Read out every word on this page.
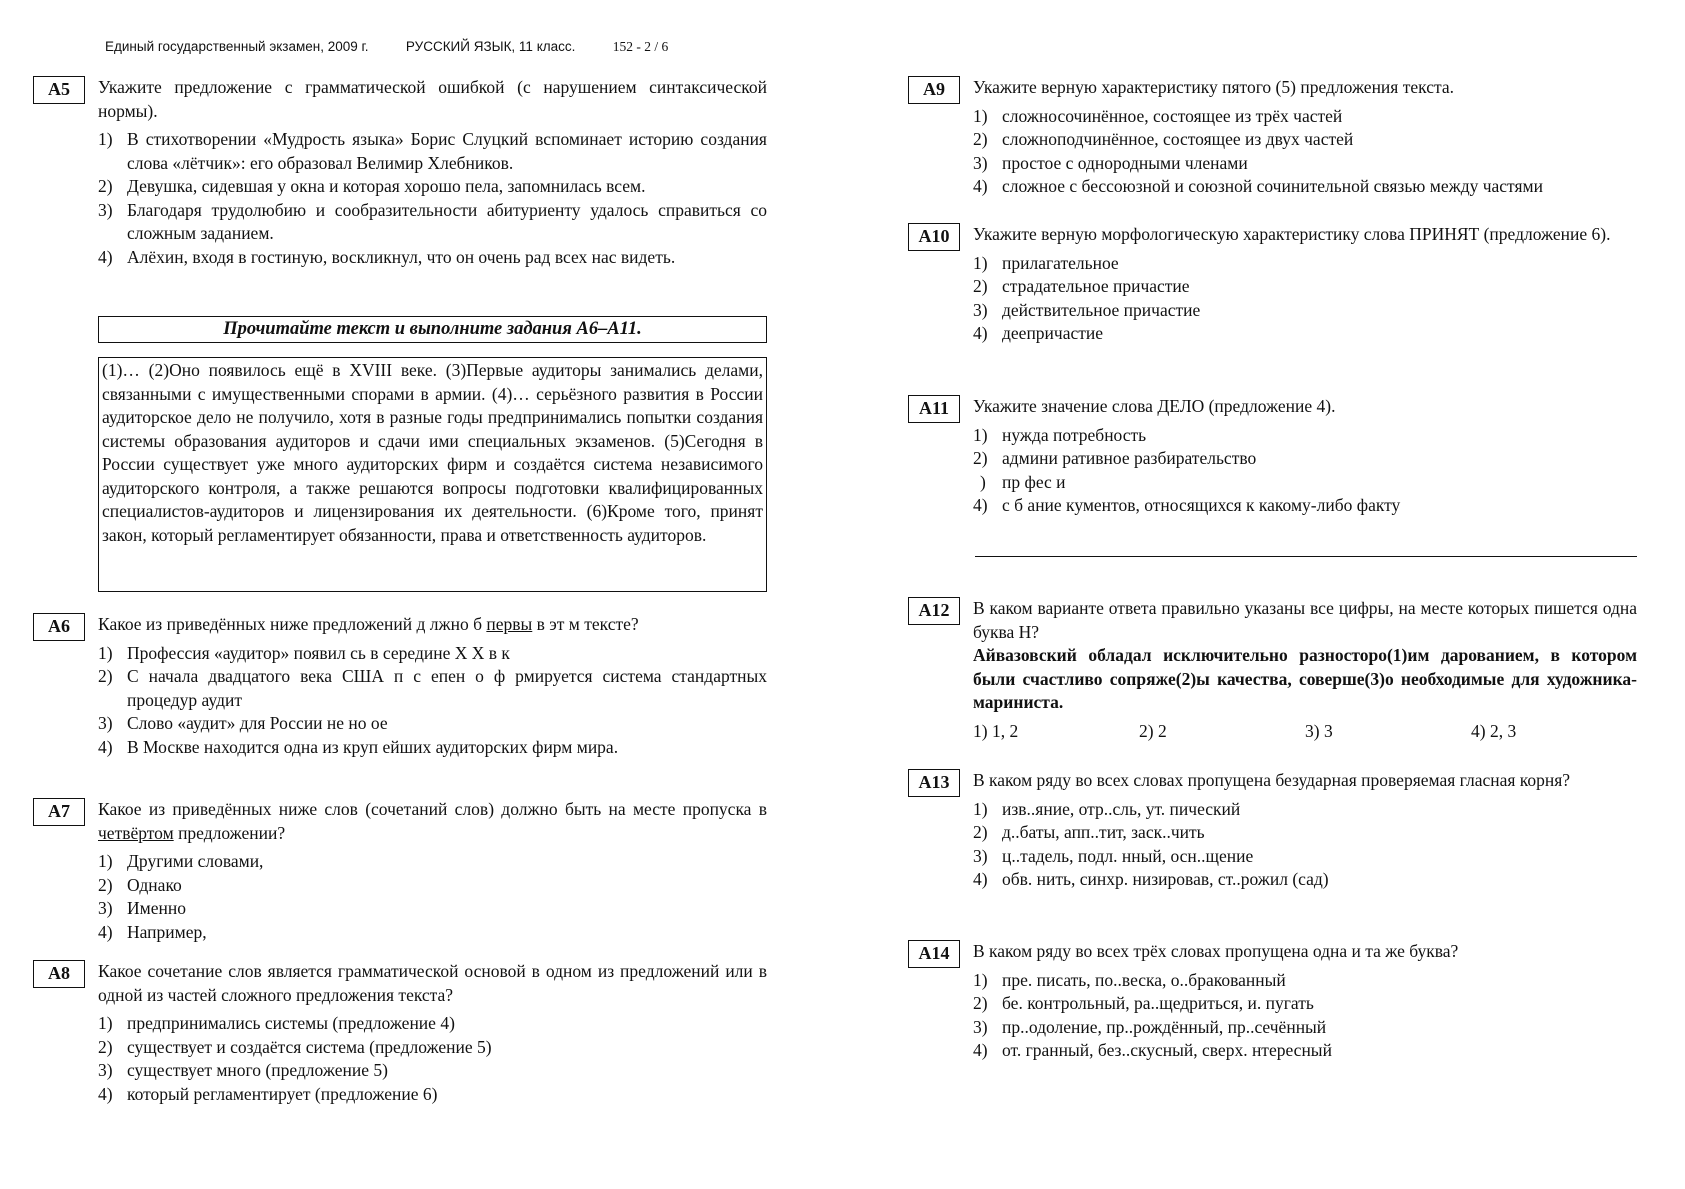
Единый государственный экзамен, 2009 г.	РУССКИЙ ЯЗЫК, 11 класс.	152 - 2 / 6
А5	Укажите предложение с грамматической ошибкой (с нарушением синтаксической нормы).
1) В стихотворении «Мудрость языка» Борис Слуцкий вспоминает историю создания слова «лётчик»: его образовал Велимир Хлебников.
2) Девушка, сидевшая у окна и которая хорошо пела, запомнилась всем.
3) Благодаря трудолюбию и сообразительности абитуриенту удалось справиться со сложным заданием.
4) Алёхин, входя в гостиную, воскликнул, что он очень рад всех нас видеть.
Прочитайте текст и выполните задания А6–А11.
(1)… (2)Оно появилось ещё в XVIII веке. (3)Первые аудиторы занимались делами, связанными с имущественными спорами в армии. (4)… серьёзного развития в России аудиторское дело не получило, хотя в разные годы предпринимались попытки создания системы образования аудиторов и сдачи ими специальных экзаменов. (5)Сегодня в России существует уже много аудиторских фирм и создаётся система независимого аудиторского контроля, а также решаются вопросы подготовки квалифицированных специалистов-аудиторов и лицензирования их деятельности. (6)Кроме того, принят закон, который регламентирует обязанности, права и ответственность аудиторов.
А6	Какое из приведённых ниже предложений д лжно б первы в эт м тексте?
1) Профессия «аудитор» появил сь в середине Х Х в к
2) С начала двадцатого века США п с епен о ф рмируется система стандартных процедур аудит
3) Слово «аудит» для России не но ое
4) В Москве находится одна из круп ейших аудиторских фирм мира.
А7	Какое из приведённых ниже слов (сочетаний слов) должно быть на месте пропуска в четвёртом предложении?
1) Другими словами,
2) Однако
3) Именно
4) Например,
А8	Какое сочетание слов является грамматической основой в одном из предложений или в одной из частей сложного предложения текста?
1) предпринимались системы (предложение 4)
2) существует и создаётся система (предложение 5)
3) существует много (предложение 5)
4) который регламентирует (предложение 6)
А9	Укажите верную характеристику пятого (5) предложения текста.
1) сложносочинённое, состоящее из трёх частей
2) сложноподчинённое, состоящее из двух частей
3) простое с однородными членами
4) сложное с бессоюзной и союзной сочинительной связью между частями
А10	Укажите верную морфологическую характеристику слова ПРИНЯТ (предложение 6).
1) прилагательное
2) страдательное причастие
3) действительное причастие
4) деепричастие
А11	Укажите значение слова ДЕЛО (предложение 4).
1) нужда потребность
2) админи ративное разбирательство
) пр фес и
4) с б ание кументов, относящихся к какому-либо факту
А12	В каком варианте ответа правильно указаны все цифры, на месте которых пишется одна буква Н?
Айвазовский обладал исключительно разносторо(1)им дарованием, в котором были счастливо сопряже(2)ы качества, соверше(3)о необходимые для художника-мариниста.
1) 1, 2	2) 2	3) 3	4) 2, 3
А13	В каком ряду во всех словах пропущена безударная проверяемая гласная корня?
1) изв..яние, отр..сль, ут. пический
2) д..баты, апп..тит, заск..чить
3) ц..тадель, подл. нный, осн..щение
4) обв. нить, синхр. низировав, ст..рожил (сад)
А14	В каком ряду во всех трёх словах пропущена одна и та же буква?
1) пре. писать, по..веска, о..бракованный
2) бе. контрольный, ра..щедриться, и. пугать
3) пр..одоление, пр..рождённый, пр..сечённый
4) от. гранный, без..скусный, сверх. нтересный
